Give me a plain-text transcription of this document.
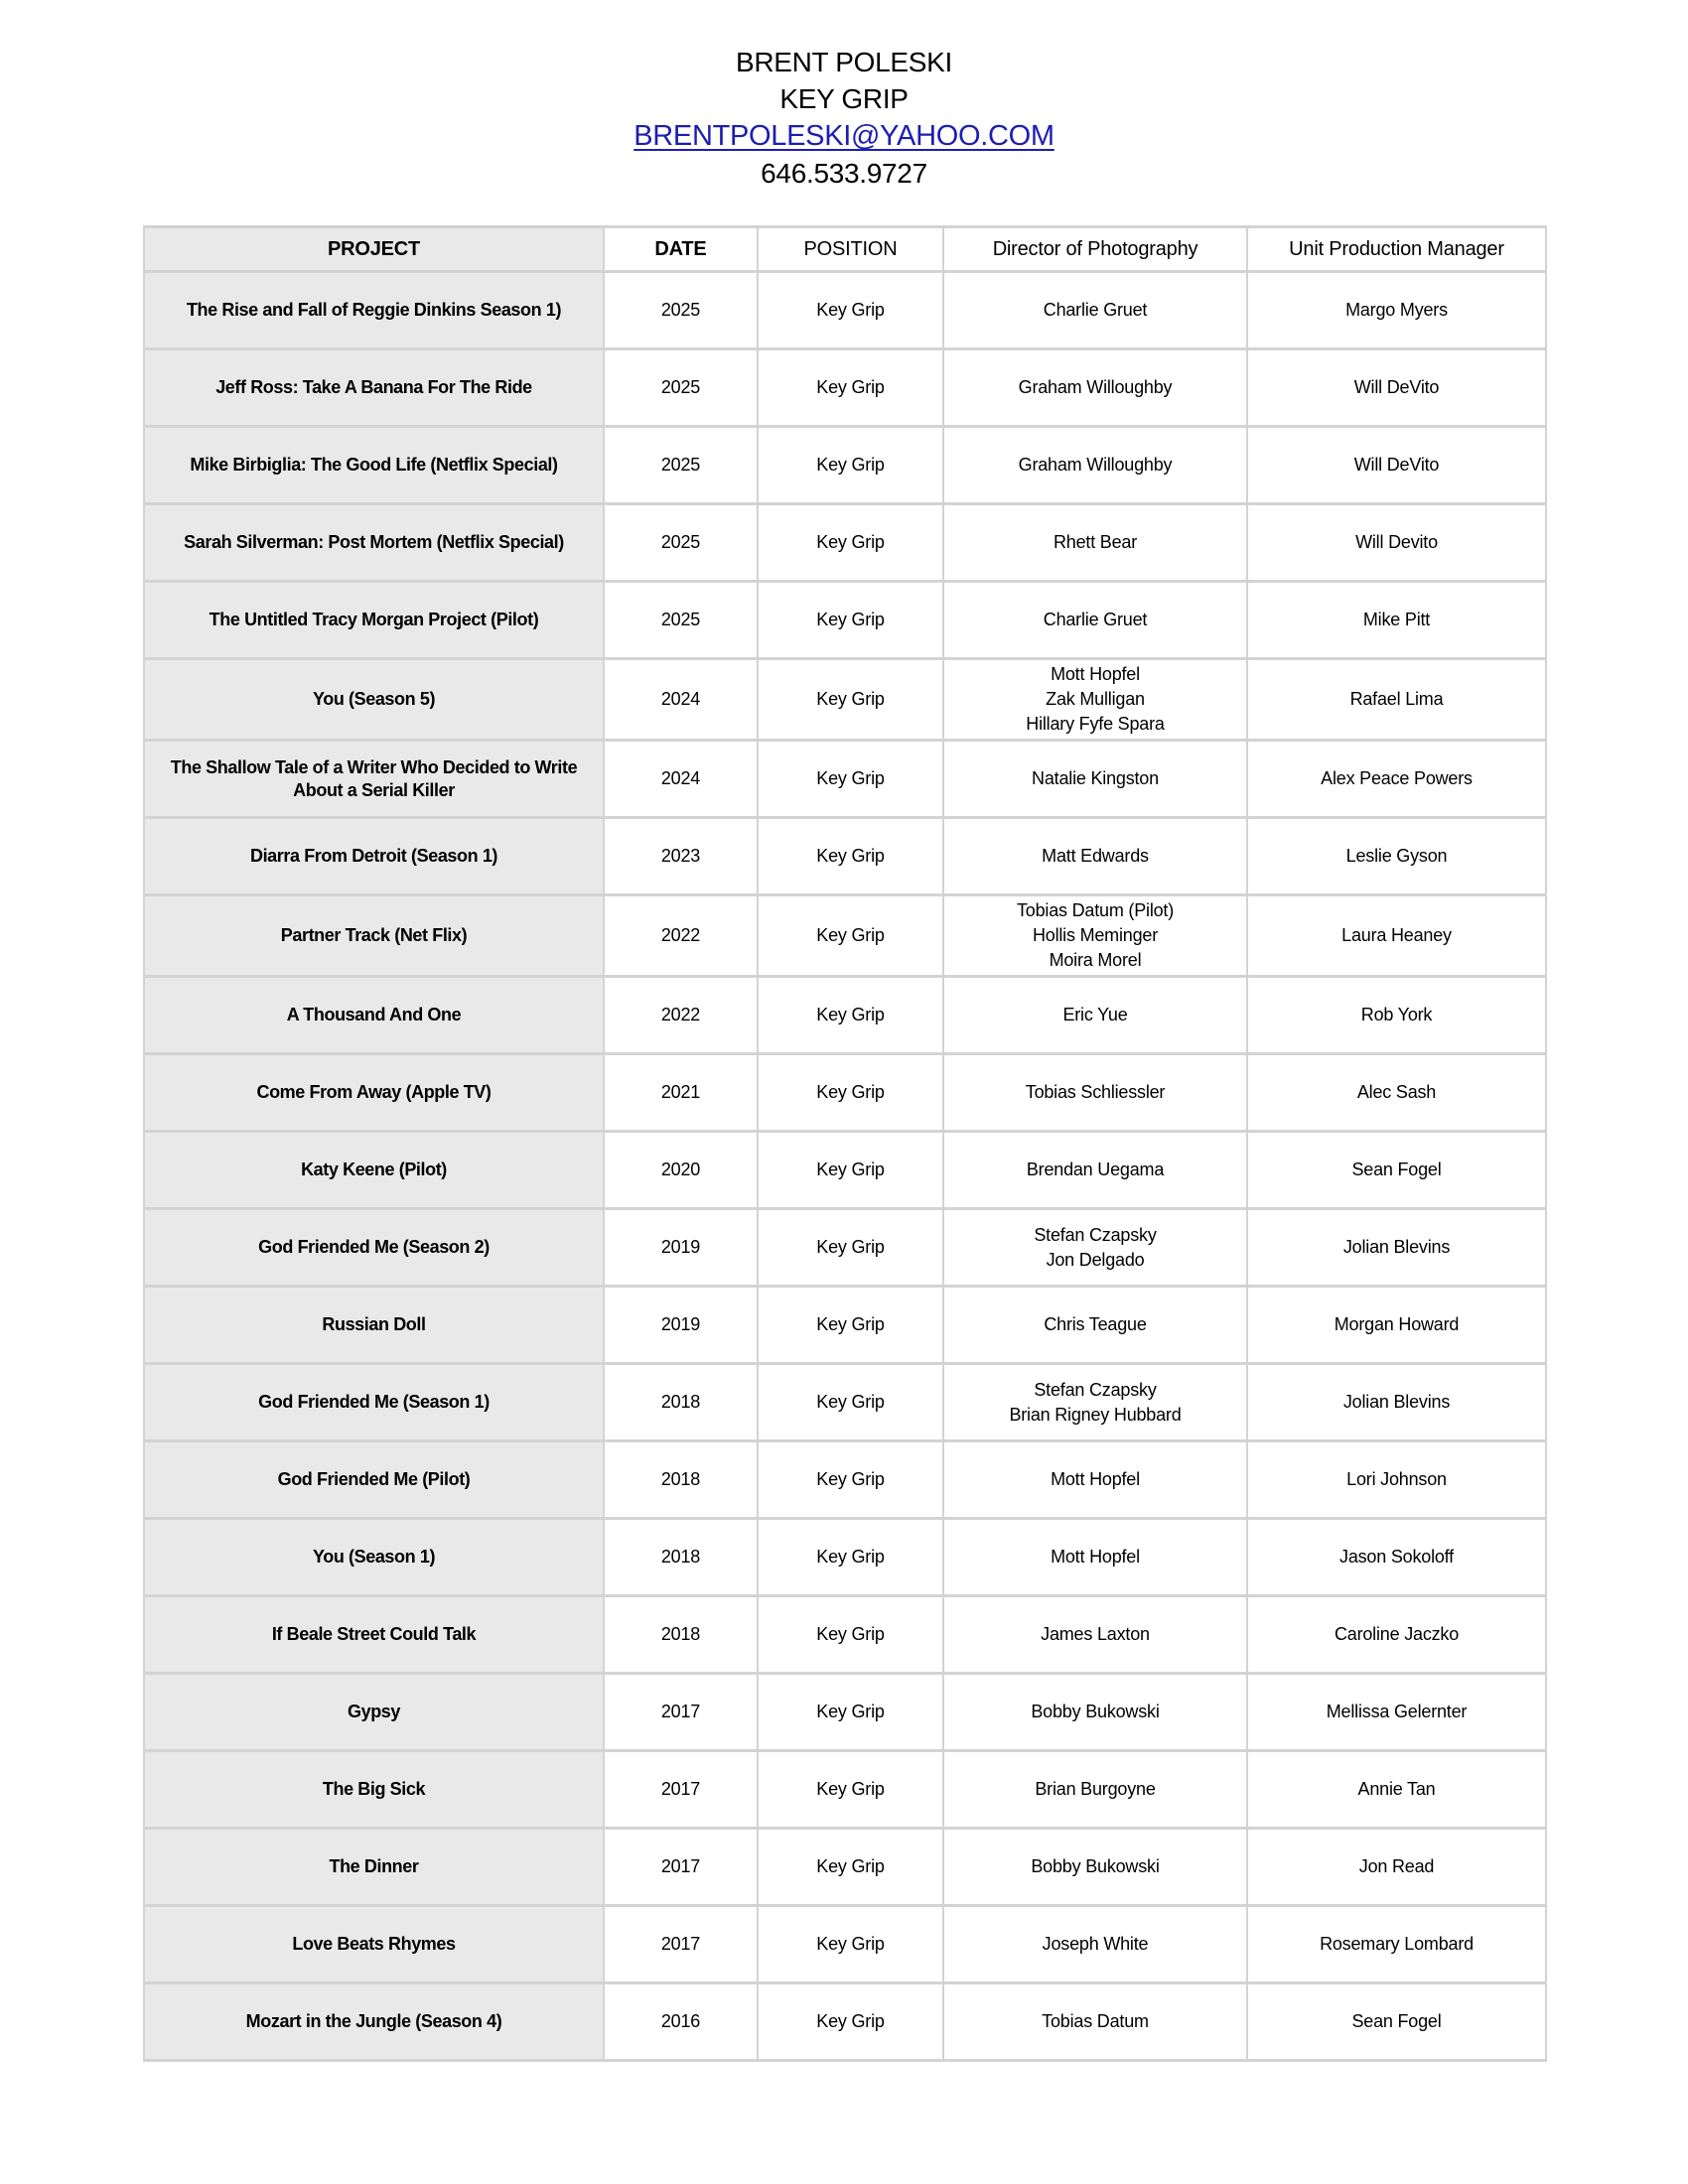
BRENT POLESKI
KEY GRIP
BRENTPOLESKI@YAHOO.COM
646.533.9727
PROJECT	DATE	POSITION	Director of Photography	Unit Production Manager

The Rise and Fall of Reggie Dinkins Season 1)	2025	Key Grip	Charlie Gruet	Margo Myers

Jeff Ross: Take A Banana For The Ride	2025	Key Grip	Graham Willoughby	Will DeVito

Mike Birbiglia: The Good Life (Netflix Special)	2025	Key Grip	Graham Willoughby	Will DeVito

Sarah Silverman: Post Mortem (Netflix Special)	2025	Key Grip	Rhett Bear	Will Devito

The Untitled Tracy Morgan Project (Pilot)	2025	Key Grip	Charlie Gruet	Mike Pitt

You (Season 5)	2024	Key Grip	Mott Hopfel
Zak Mulligan
Hillary Fyfe Spara	Rafael Lima

The Shallow Tale of a Writer Who Decided to Write About a Serial Killer	2024	Key Grip	Natalie Kingston	Alex Peace Powers

Diarra From Detroit (Season 1)	2023	Key Grip	Matt Edwards	Leslie Gyson

Partner Track (Net Flix)	2022	Key Grip	Tobias Datum (Pilot)
Hollis Meminger
Moira Morel	Laura Heaney

A Thousand And One	2022	Key Grip	Eric Yue	Rob York

Come From Away (Apple TV)	2021	Key Grip	Tobias Schliessler	Alec Sash

Katy Keene (Pilot)	2020	Key Grip	Brendan Uegama	Sean Fogel

God Friended Me (Season 2)	2019	Key Grip	Stefan Czapsky
Jon Delgado	Jolian Blevins

Russian Doll	2019	Key Grip	Chris Teague	Morgan Howard

God Friended Me (Season 1)	2018	Key Grip	Stefan Czapsky
Brian Rigney Hubbard	Jolian Blevins

God Friended Me (Pilot)	2018	Key Grip	Mott Hopfel	Lori Johnson

You (Season 1)	2018	Key Grip	Mott Hopfel	Jason Sokoloff

If Beale Street Could Talk	2018	Key Grip	James Laxton	Caroline Jaczko

Gypsy	2017	Key Grip	Bobby Bukowski	Mellissa Gelernter

The Big Sick	2017	Key Grip	Brian Burgoyne	Annie Tan

The Dinner	2017	Key Grip	Bobby Bukowski	Jon Read

Love Beats Rhymes	2017	Key Grip	Joseph White	Rosemary Lombard

Mozart in the Jungle (Season 4)	2016	Key Grip	Tobias Datum	Sean Fogel
